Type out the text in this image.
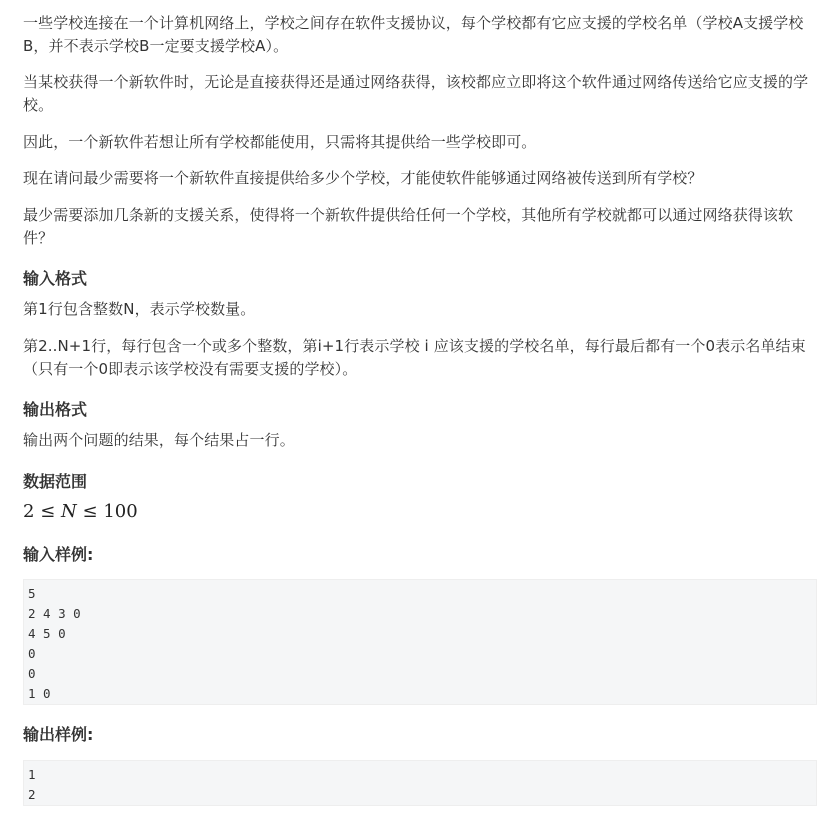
一些学校连接在一个计算机网络上，学校之间存在软件支援协议，每个学校都有它应支援的学校名单（学校A支援学校B，并不表示学校B一定要支援学校A）。

当某校获得一个新软件时，无论是直接获得还是通过网络获得，该校都应立即将这个软件通过网络传送给它应支援的学校。

因此，一个新软件若想让所有学校都能使用，只需将其提供给一些学校即可。

现在请问最少需要将一个新软件直接提供给多少个学校，才能使软件能够通过网络被传送到所有学校？

最少需要添加几条新的支援关系，使得将一个新软件提供给任何一个学校，其他所有学校就都可以通过网络获得该软件？

输入格式

第1行包含整数N，表示学校数量。

第2..N+1行，每行包含一个或多个整数，第i+1行表示学校 i 应该支援的学校名单，每行最后都有一个0表示名单结束（只有一个0即表示该学校没有需要支援的学校）。

输出格式

输出两个问题的结果，每个结果占一行。

数据范围
2 ≤ N ≤ 100
输入样例:
5
2 4 3 0
4 5 0
0
0
1 0
输出样例:
1
2
